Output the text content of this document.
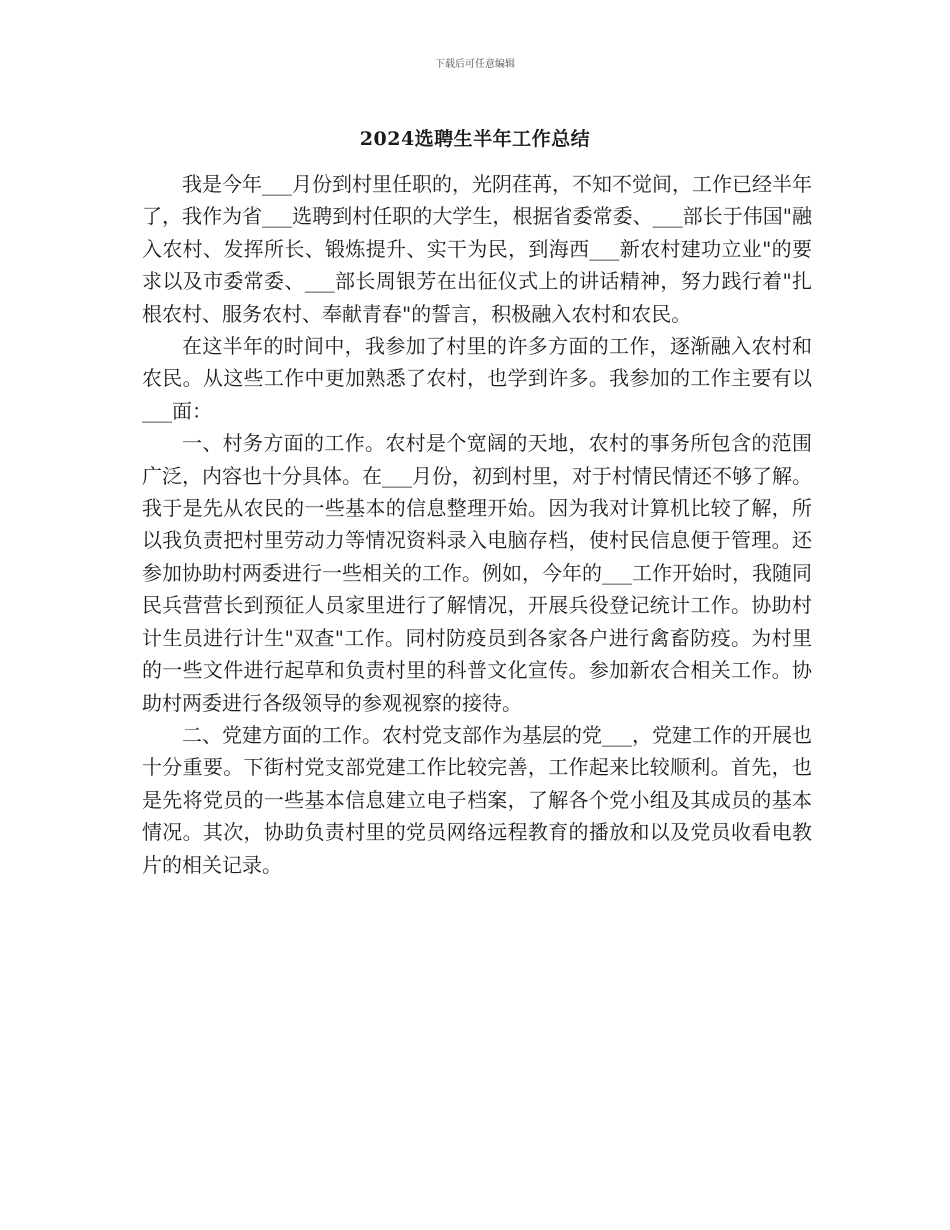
下载后可任意编辑
2024选聘生半年工作总结

我是今年___月份到村里任职的，光阴荏苒，不知不觉间，工作已经半年了，我作为省___选聘到村任职的大学生，根据省委常委、___部长于伟国"融入农村、发挥所长、锻炼提升、实干为民，到海西___新农村建功立业"的要求以及市委常委、___部长周银芳在出征仪式上的讲话精神，努力践行着"扎根农村、服务农村、奉献青春"的誓言，积极融入农村和农民。

在这半年的时间中，我参加了村里的许多方面的工作，逐渐融入农村和农民。从这些工作中更加熟悉了农村，也学到许多。我参加的工作主要有以___面：

一、村务方面的工作。农村是个宽阔的天地，农村的事务所包含的范围广泛，内容也十分具体。在___月份，初到村里，对于村情民情还不够了解。我于是先从农民的一些基本的信息整理开始。因为我对计算机比较了解，所以我负责把村里劳动力等情况资料录入电脑存档，使村民信息便于管理。还参加协助村两委进行一些相关的工作。例如，今年的___工作开始时，我随同民兵营营长到预征人员家里进行了解情况，开展兵役登记统计工作。协助村计生员进行计生"双查"工作。同村防疫员到各家各户进行禽畜防疫。为村里的一些文件进行起草和负责村里的科普文化宣传。参加新农合相关工作。协助村两委进行各级领导的参观视察的接待。

二、党建方面的工作。农村党支部作为基层的党___，党建工作的开展也十分重要。下街村党支部党建工作比较完善，工作起来比较顺利。首先，也是先将党员的一些基本信息建立电子档案，了解各个党小组及其成员的基本情况。其次，协助负责村里的党员网络远程教育的播放和以及党员收看电教片的相关记录。
